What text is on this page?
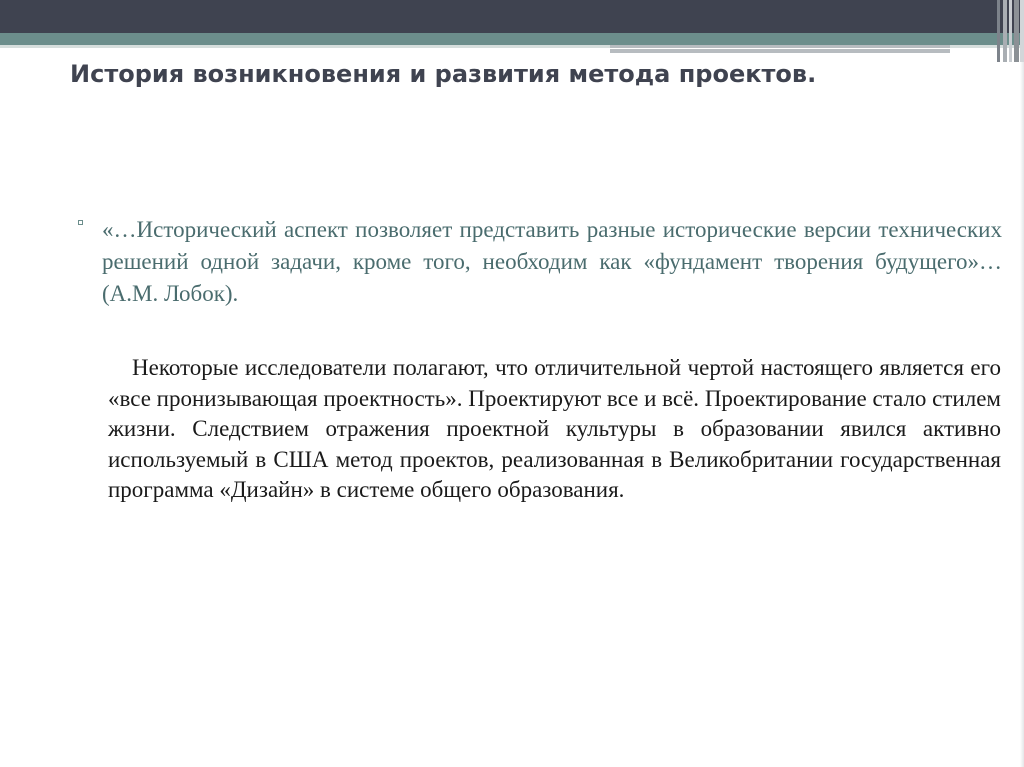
История возникновения и развития метода проектов.
«…Исторический аспект позволяет представить разные исторические версии технических решений одной задачи, кроме того, необходим как «фундамент творения будущего»… (А.М. Лобок).
Некоторые исследователи полагают, что отличительной чертой настоящего является его «все пронизывающая проектность». Проектируют все и всё. Проектирование стало стилем жизни. Следствием отражения проектной культуры в образовании явился активно используемый в США метод проектов, реализованная в Великобритании государственная программа «Дизайн» в системе общего образования.
